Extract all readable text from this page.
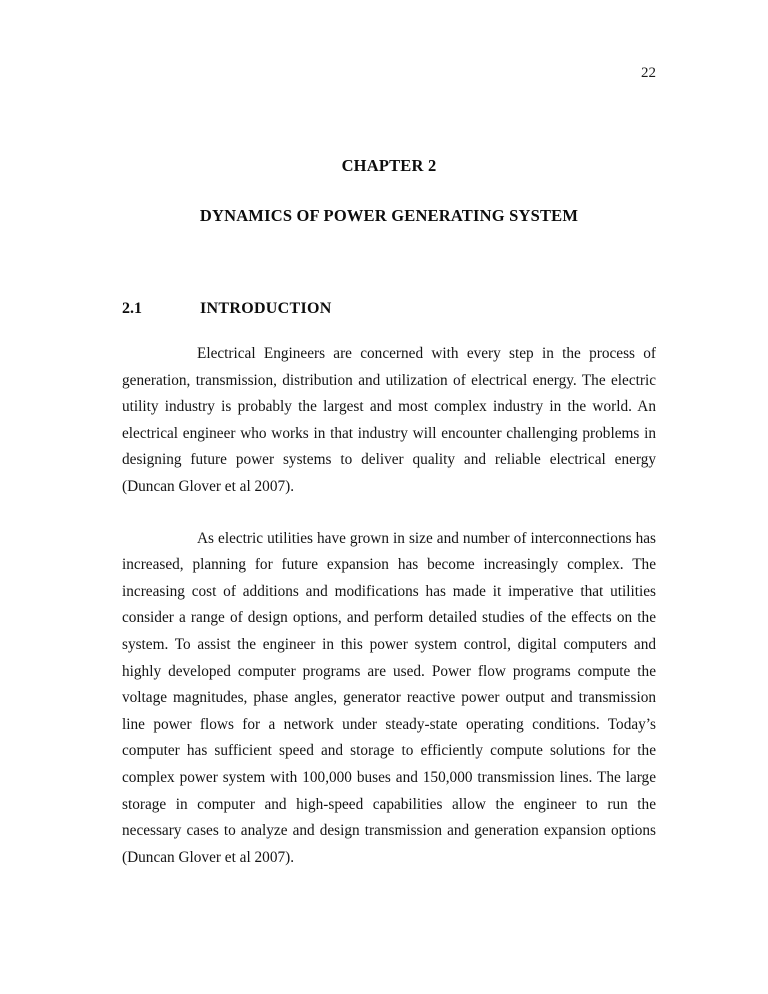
22
CHAPTER 2
DYNAMICS OF POWER GENERATING SYSTEM
2.1	INTRODUCTION

Electrical Engineers are concerned with every step in the process of generation, transmission, distribution and utilization of electrical energy. The electric utility industry is probably the largest and most complex industry in the world. An electrical engineer who works in that industry will encounter challenging problems in designing future power systems to deliver quality and reliable electrical energy (Duncan Glover et al 2007).

As electric utilities have grown in size and number of interconnections has increased, planning for future expansion has become increasingly complex. The increasing cost of additions and modifications has made it imperative that utilities consider a range of design options, and perform detailed studies of the effects on the system. To assist the engineer in this power system control, digital computers and highly developed computer programs are used. Power flow programs compute the voltage magnitudes, phase angles, generator reactive power output and transmission line power flows for a network under steady-state operating conditions. Today’s computer has sufficient speed and storage to efficiently compute solutions for the complex power system with 100,000 buses and 150,000 transmission lines. The large storage in computer and high-speed capabilities allow the engineer to run the necessary cases to analyze and design transmission and generation expansion options (Duncan Glover et al 2007).
